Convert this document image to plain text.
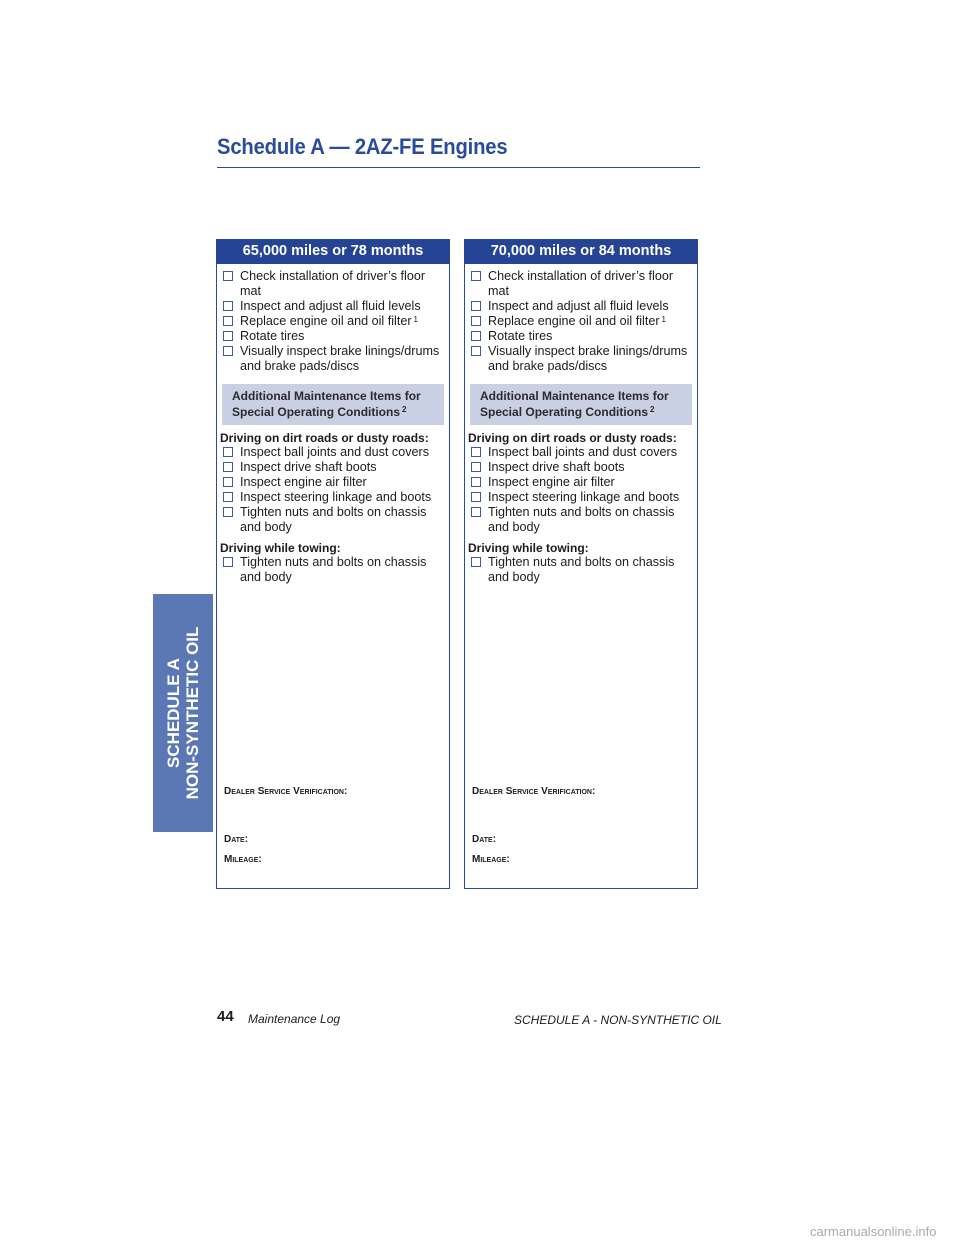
Schedule A — 2AZ-FE Engines
SCHEDULE A NON-SYNTHETIC OIL
65,000 miles or 78 months
Check installation of driver’s floor mat
Inspect and adjust all fluid levels
Replace engine oil and oil filter $^1$
Rotate tires
Visually inspect brake linings/drums and brake pads/discs
Additional Maintenance Items for
Special Operating Conditions $^2$
Driving on dirt roads or dusty roads:
Inspect ball joints and dust covers
Inspect drive shaft boots
Inspect engine air filter
Inspect steering linkage and boots
Tighten nuts and bolts on chassis and body
Driving while towing:
Tighten nuts and bolts on chassis and body
Dealer Service Verification:
Date:
Mileage:
70,000 miles or 84 months
Check installation of driver’s floor mat
Inspect and adjust all fluid levels
Replace engine oil and oil filter $^1$
Rotate tires
Visually inspect brake linings/drums and brake pads/discs
Additional Maintenance Items for
Special Operating Conditions $^2$
Driving on dirt roads or dusty roads:
Inspect ball joints and dust covers
Inspect drive shaft boots
Inspect engine air filter
Inspect steering linkage and boots
Tighten nuts and bolts on chassis and body
Driving while towing:
Tighten nuts and bolts on chassis and body
Dealer Service Verification:
Date:
Mileage:
44 Maintenance Log	SCHEDULE A - NON-SYNTHETIC OIL
carmanualsonline.info
